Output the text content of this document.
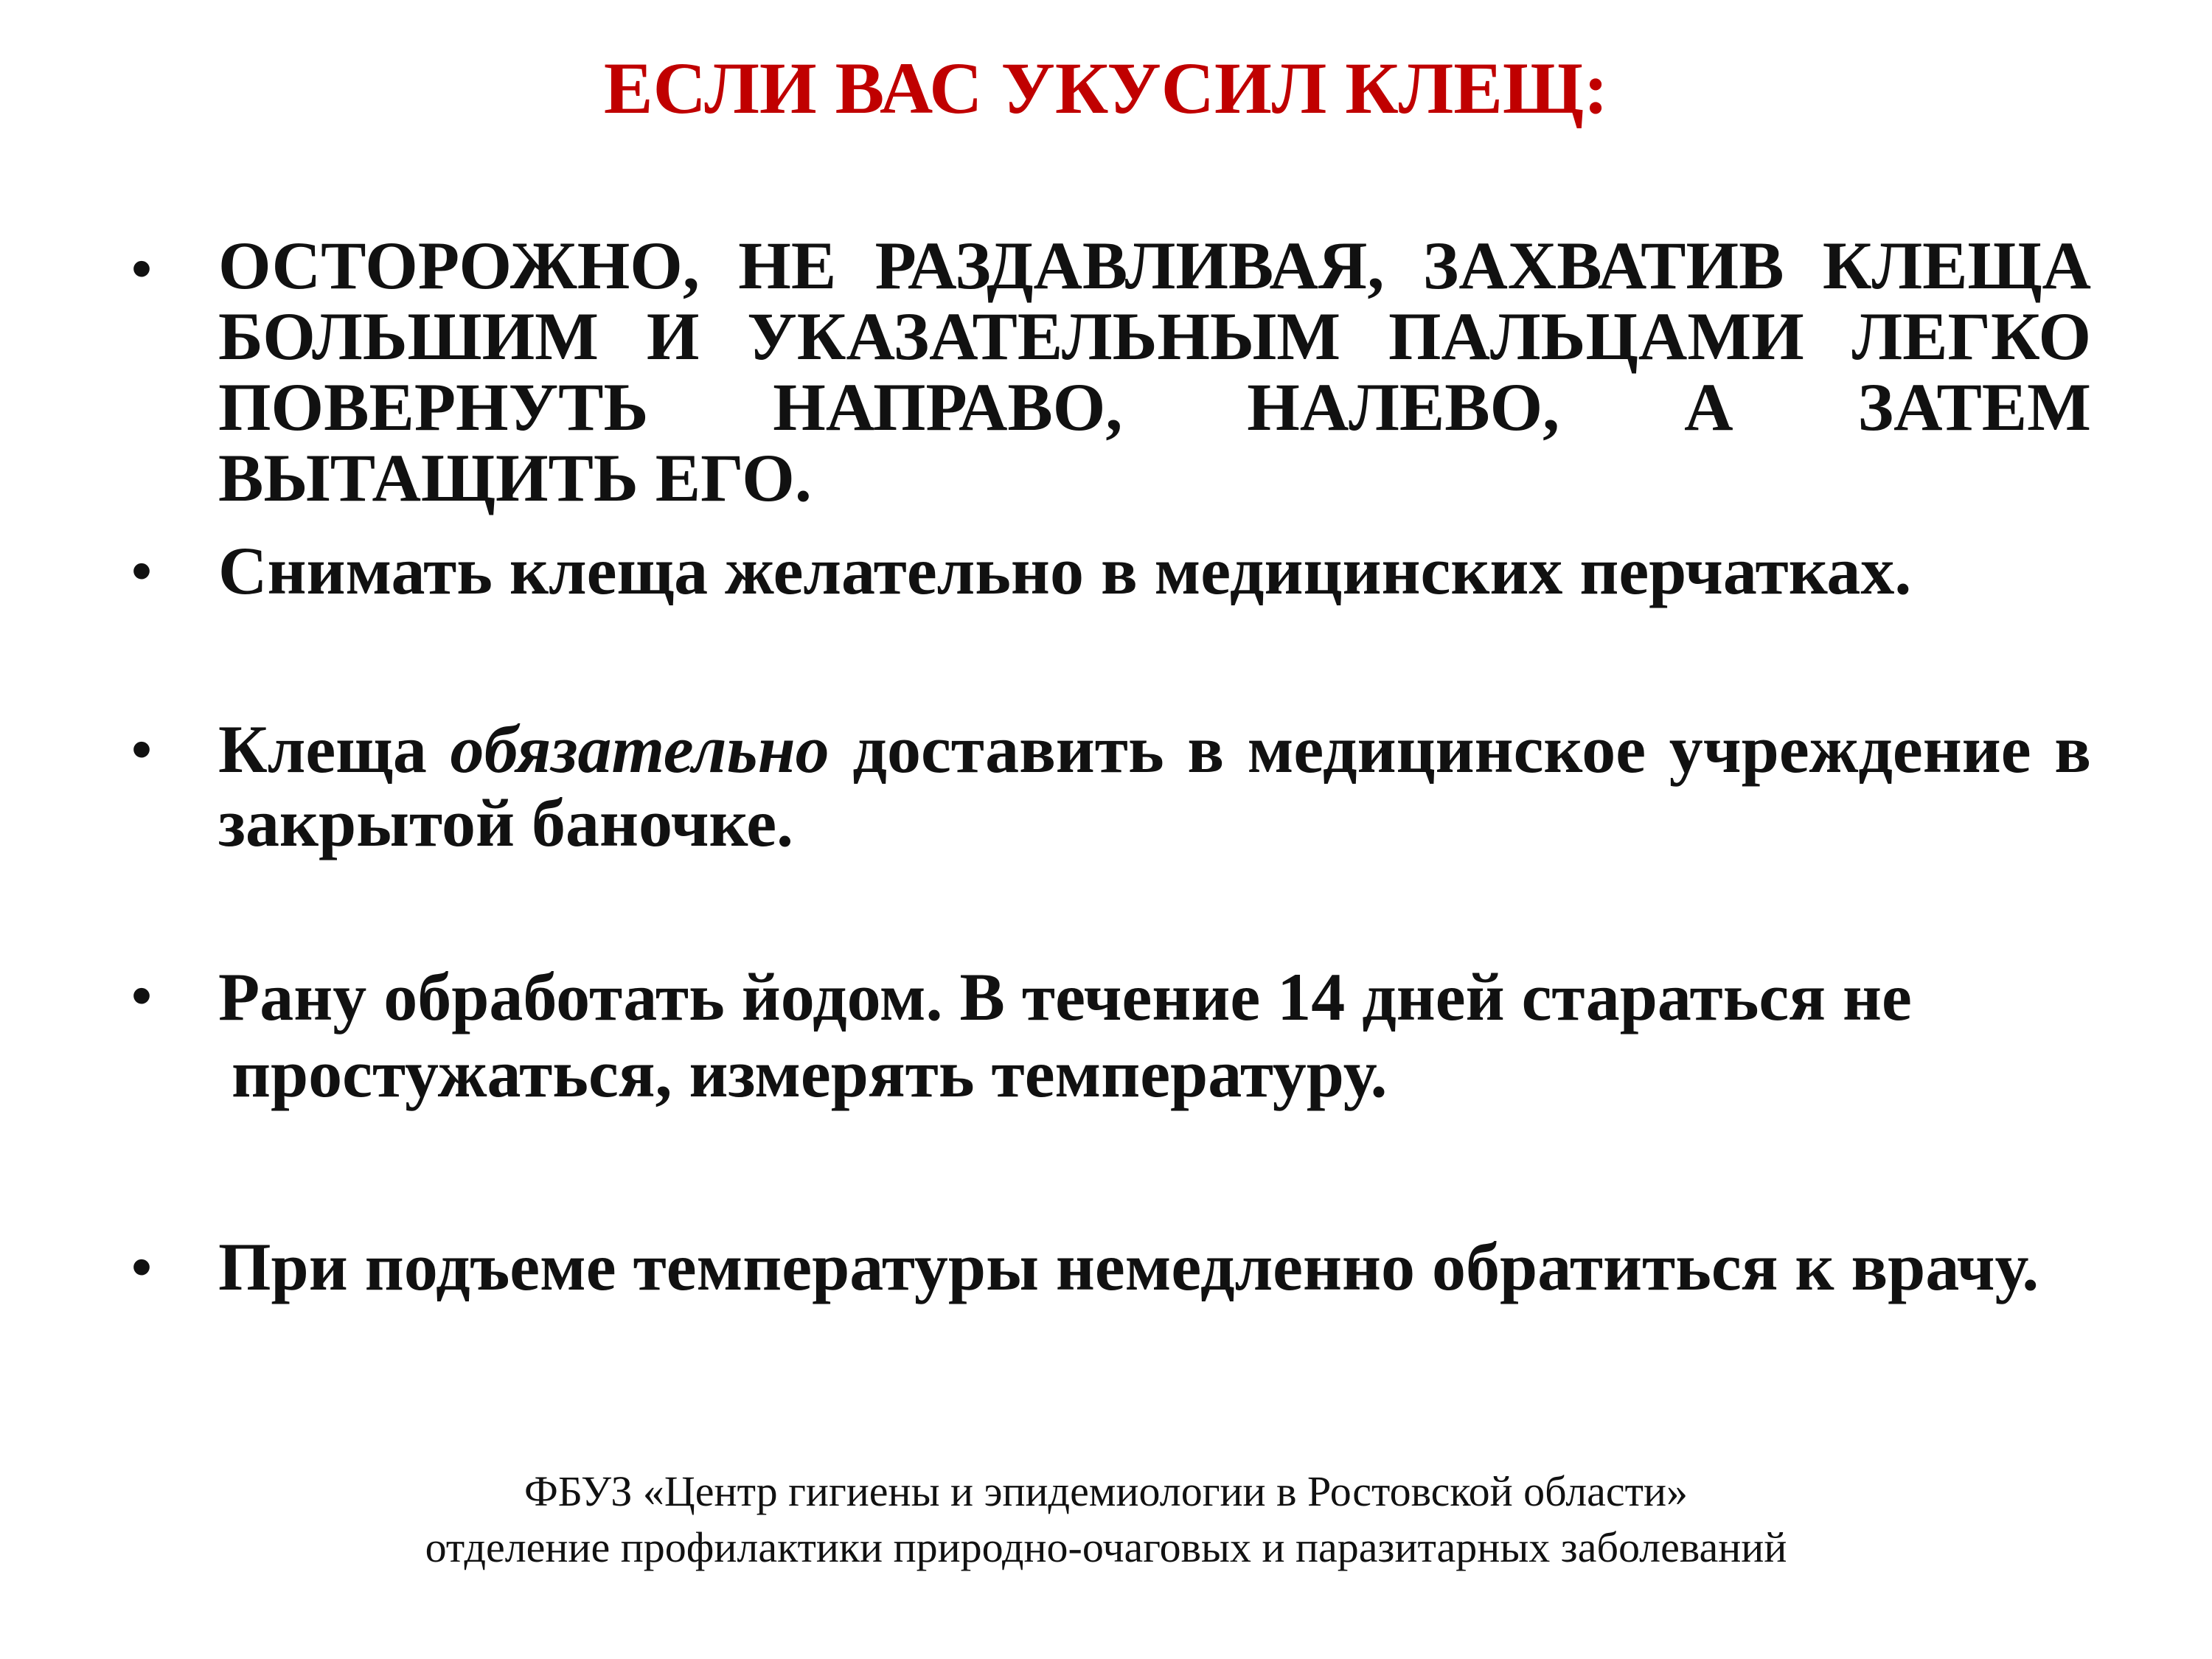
ЕСЛИ ВАС УКУСИЛ КЛЕЩ:
• ОСТОРОЖНО, НЕ РАЗДАВЛИВАЯ, ЗАХВАТИВ КЛЕЩА БОЛЬШИМ И УКАЗАТЕЛЬНЫМ ПАЛЬЦАМИ ЛЕГКО ПОВЕРНУТЬ НАПРАВО, НАЛЕВО, А ЗАТЕМ ВЫТАЩИТЬ ЕГО.
• Снимать клеща желательно в медицинских перчатках.
• Клеща обязательно доставить в медицинское учреждение в закрытой баночке.
• Рану обработать йодом. В течение 14 дней стараться не
простужаться, измерять температуру.
• При подъеме температуры немедленно обратиться к врачу.
ФБУЗ «Центр гигиены и эпидемиологии в Ростовской области»
отделение профилактики природно-очаговых и паразитарных заболеваний
